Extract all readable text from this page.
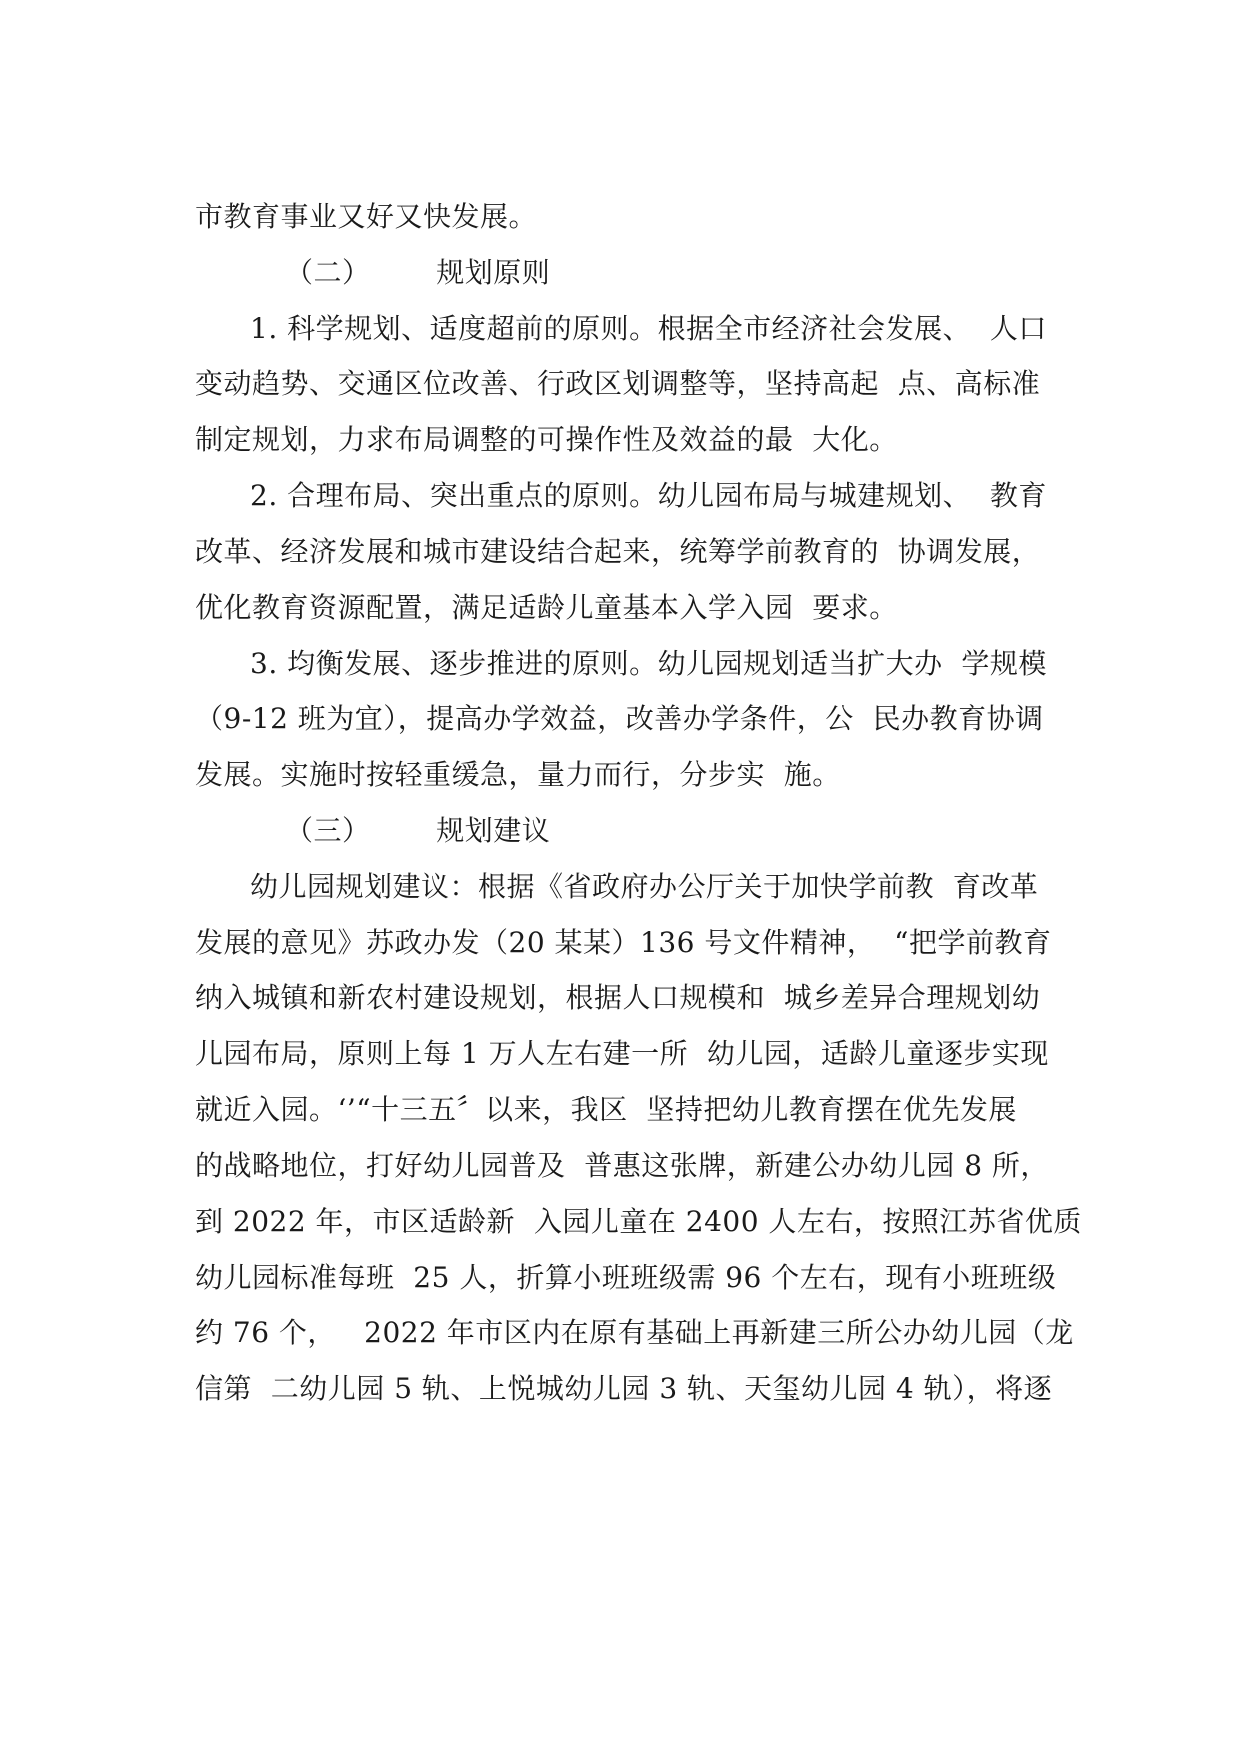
市教育事业又好又快发展。
（二）       规划原则
1. 科学规划、适度超前的原则。根据全市经济社会发展、  人口
变动趋势、交通区位改善、行政区划调整等，坚持高起  点、高标准
制定规划，力求布局调整的可操作性及效益的最  大化。
2. 合理布局、突出重点的原则。幼儿园布局与城建规划、  教育
改革、经济发展和城市建设结合起来，统筹学前教育的  协调发展，
优化教育资源配置，满足适龄儿童基本入学入园  要求。
3. 均衡发展、逐步推进的原则。幼儿园规划适当扩大办  学规模
（9-12 班为宜），提高办学效益，改善办学条件，公  民办教育协调
发展。实施时按轻重缓急，量力而行，分步实  施。
（三）       规划建议
幼儿园规划建议：根据《省政府办公厅关于加快学前教  育改革
发展的意见》苏政办发（20 某某）136 号文件精神，  “把学前教育
纳入城镇和新农村建设规划，根据人口规模和  城乡差异合理规划幼
儿园布局，原则上每 1 万人左右建一所  幼儿园，适龄儿童逐步实现
就近入园。‘’“十三五〞以来，我区  坚持把幼儿教育摆在优先发展
的战略地位，打好幼儿园普及  普惠这张牌，新建公办幼儿园 8 所，
到 2022 年，市区适龄新  入园儿童在 2400 人左右，按照江苏省优质
幼儿园标准每班  25 人，折算小班班级需 96 个左右，现有小班班级
约 76 个，   2022 年市区内在原有基础上再新建三所公办幼儿园（龙
信第  二幼儿园 5 轨、上悦城幼儿园 3 轨、天玺幼儿园 4 轨），将逐
